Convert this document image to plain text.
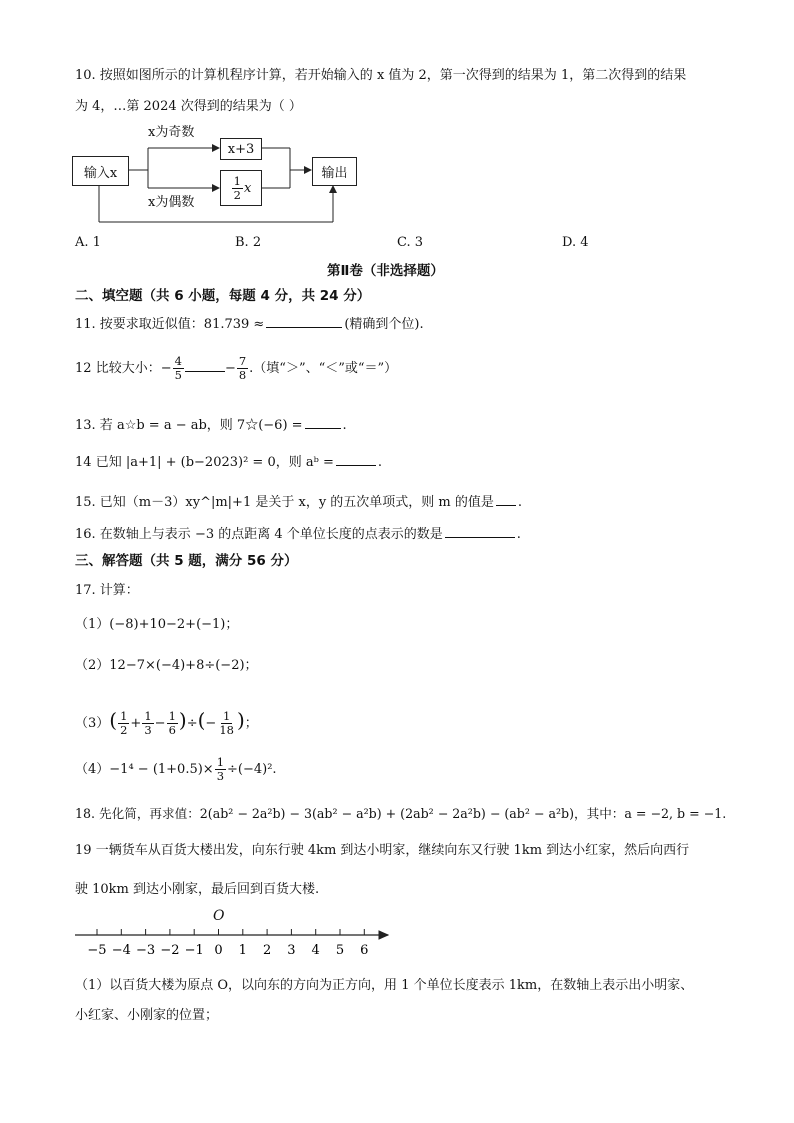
10. 按照如图所示的计算机程序计算，若开始输入的 x 值为 2，第一次得到的结果为 1，第二次得到的结果
为 4，…第 2024 次得到的结果为（ ）
输入x
x为奇数
x为偶数
x+3
$\frac{1}{2}$ x
输出
A. 1	B. 2	C. 3	D. 4
第Ⅱ卷（非选择题）
二、填空题（共 6 小题，每题 4 分，共 24 分）
11. 按要求取近似值：81.739 ≈	(精确到个位).
12 比较大小：− $\frac{4}{5}$	− $\frac{7}{8}$ .（填“＞”、“＜”或“＝”）
13. 若 a☆b = a − ab，则 7☆(−6) =	.
14 已知 |a+1| + (b−2023)² = 0，则 aᵇ =	.
15. 已知（m－3）xy^|m|+1 是关于 x，y 的五次单项式，则 m 的值是 .
16. 在数轴上与表示 −3 的点距离 4 个单位长度的点表示的数是	.
三、解答题（共 5 题，满分 56 分）
17. 计算：
（1）(−8)+10−2+(−1)；
（2）12−7×(−4)+8÷(−2)；
$(3)( \frac{1}{2} + \frac{1}{3} - \frac{1}{6}$ )÷(− $\frac{1}{18}$ )；
$(4)-1^4 - (1+0.5)\times \frac{1}{3} \div(-4)^2$.
18. 先化简，再求值：2(ab² − 2a²b) − 3(ab² − a²b) + (2ab² − 2a²b) − (ab² − a²b)，其中：a = −2, b = −1.
19 一辆货车从百货大楼出发，向东行驶 4km 到达小明家，继续向东又行驶 1km 到达小红家，然后向西行
驶 10km 到达小刚家，最后回到百货大楼.
−5 −4 −3 −2 −1 0 1 2 3 4 5 6
O
（1）以百货大楼为原点 O，以向东的方向为正方向，用 1 个单位长度表示 1km，在数轴上表示出小明家、
小红家、小刚家的位置；
